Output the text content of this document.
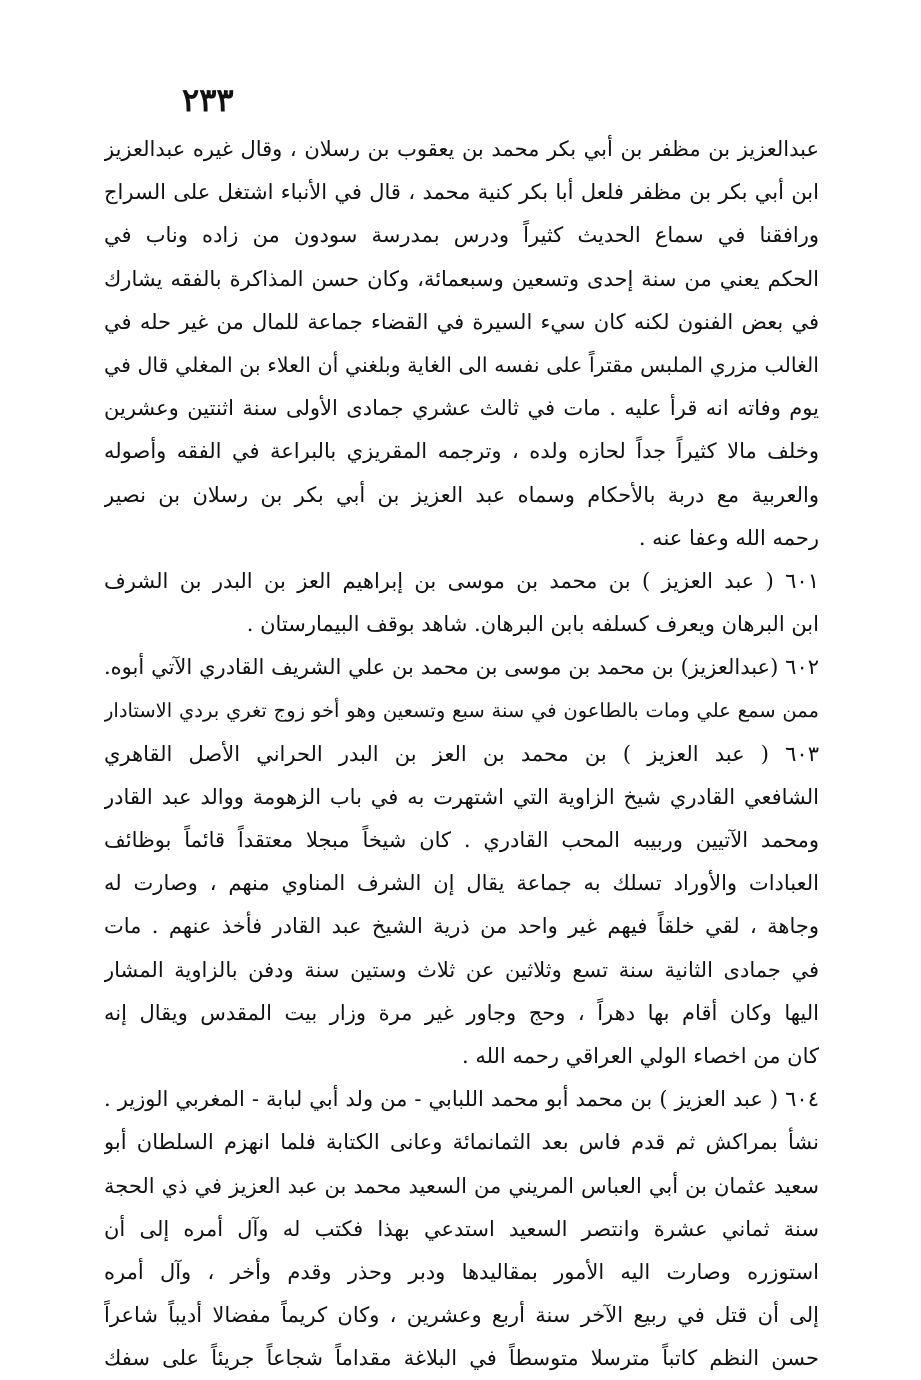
٢٣٣
عبدالعزيز بن مظفر بن أبي بكر محمد بن يعقوب بن رسلان ، وقال غيره عبدالعزيز
ابن أبي بكر بن مظفر فلعل أبا بكر كنية محمد ، قال في الأنباء اشتغل على السراج
ورافقنا في سماع الحديث كثيراً ودرس بمدرسة سودون من زاده وناب في
الحكم يعني من سنة إحدى وتسعين وسبعمائة، وكان حسن المذاكرة بالفقه يشارك
في بعض الفنون لكنه كان سيء السيرة في القضاء جماعة للمال من غير حله في
الغالب مزري الملبس مقتراً على نفسه الى الغاية وبلغني أن العلاء بن المغلي قال في
يوم وفاته انه قرأ عليه . مات في ثالث عشري جمادى الأولى سنة اثنتين وعشرين
وخلف مالا كثيراً جداً لحازه ولده ، وترجمه المقريزي بالبراعة في الفقه وأصوله
والعربية مع دربة بالأحكام وسماه عبد العزيز بن أبي بكر بن رسلان بن نصير
رحمه الله وعفا عنه .
٦٠١ ( عبد العزيز ) بن محمد بن موسى بن إبراهيم العز بن البدر بن الشرف
ابن البرهان ويعرف كسلفه بابن البرهان. شاهد بوقف البيمارستان .
٦٠٢ (عبدالعزيز) بن محمد بن موسى بن محمد بن علي الشريف القادري الآتي أبوه.
ممن سمع علي ومات بالطاعون في سنة سبع وتسعين وهو أخو زوج تغري بردي الاستادار
٦٠٣ ( عبد العزيز ) بن محمد بن العز بن البدر الحراني الأصل القاهري
الشافعي القادري شيخ الزاوية التي اشتهرت به في باب الزهومة ووالد عبد القادر
ومحمد الآتيين وربيبه المحب القادري . كان شيخاً مبجلا معتقداً قائماً بوظائف
العبادات والأوراد تسلك به جماعة يقال إن الشرف المناوي منهم ، وصارت له
وجاهة ، لقي خلقاً فيهم غير واحد من ذرية الشيخ عبد القادر فأخذ عنهم . مات
في جمادى الثانية سنة تسع وثلاثين عن ثلاث وستين سنة ودفن بالزاوية المشار
اليها وكان أقام بها دهراً ، وحج وجاور غير مرة وزار بيت المقدس ويقال إنه
كان من اخصاء الولي العراقي رحمه الله .
٦٠٤ ( عبد العزيز ) بن محمد أبو محمد اللبابي - من ولد أبي لبابة - المغربي الوزير .
نشأ بمراكش ثم قدم فاس بعد الثمانمائة وعانى الكتابة فلما انهزم السلطان أبو
سعيد عثمان بن أبي العباس المريني من السعيد محمد بن عبد العزيز في ذي الحجة
سنة ثماني عشرة وانتصر السعيد استدعي بهذا فكتب له وآل أمره إلى أن
استوزره وصارت اليه الأمور بمقاليدها ودبر وحذر وقدم وأخر ، وآل أمره
إلى أن قتل في ربيع الآخر سنة أربع وعشرين ، وكان كريماً مفضالا أديباً شاعراً
حسن النظم كاتباً مترسلا متوسطاً في البلاغة مقداماً شجاعاً جريئاً على سفك
